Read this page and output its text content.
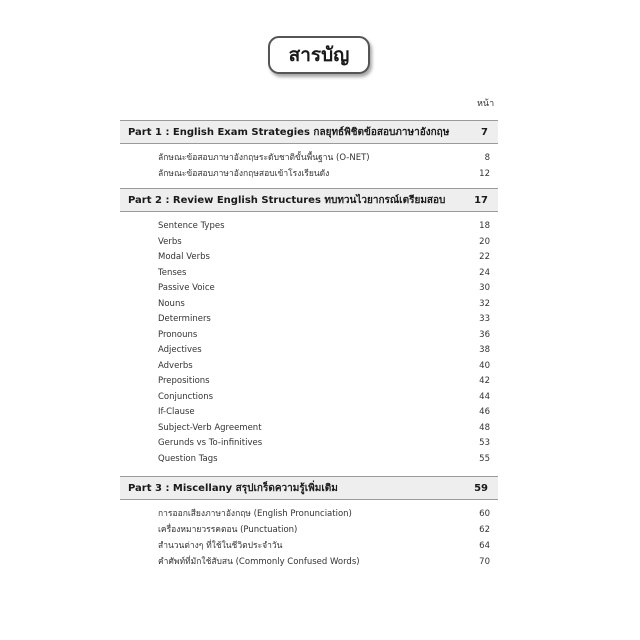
สารบัญ
หน้า
Part 1 : English Exam Strategies กลยุทธ์พิชิตข้อสอบภาษาอังกฤษ	7
ลักษณะข้อสอบภาษาอังกฤษระดับชาติขั้นพื้นฐาน (O-NET)	8
ลักษณะข้อสอบภาษาอังกฤษสอบเข้าโรงเรียนดัง	12
Part 2 : Review English Structures ทบทวนไวยากรณ์เตรียมสอบ	17
Sentence Types	18
Verbs	20
Modal Verbs	22
Tenses	24
Passive Voice	30
Nouns	32
Determiners	33
Pronouns	36
Adjectives	38
Adverbs	40
Prepositions	42
Conjunctions	44
If-Clause	46
Subject-Verb Agreement	48
Gerunds vs To-infinitives	53
Question Tags	55
Part 3 : Miscellany สรุปเกร็ดความรู้เพิ่มเติม	59
การออกเสียงภาษาอังกฤษ (English Pronunciation)	60
เครื่องหมายวรรคตอน (Punctuation)	62
สำนวนต่างๆ ที่ใช้ในชีวิตประจำวัน	64
คำศัพท์ที่มักใช้สับสน (Commonly Confused Words)	70
